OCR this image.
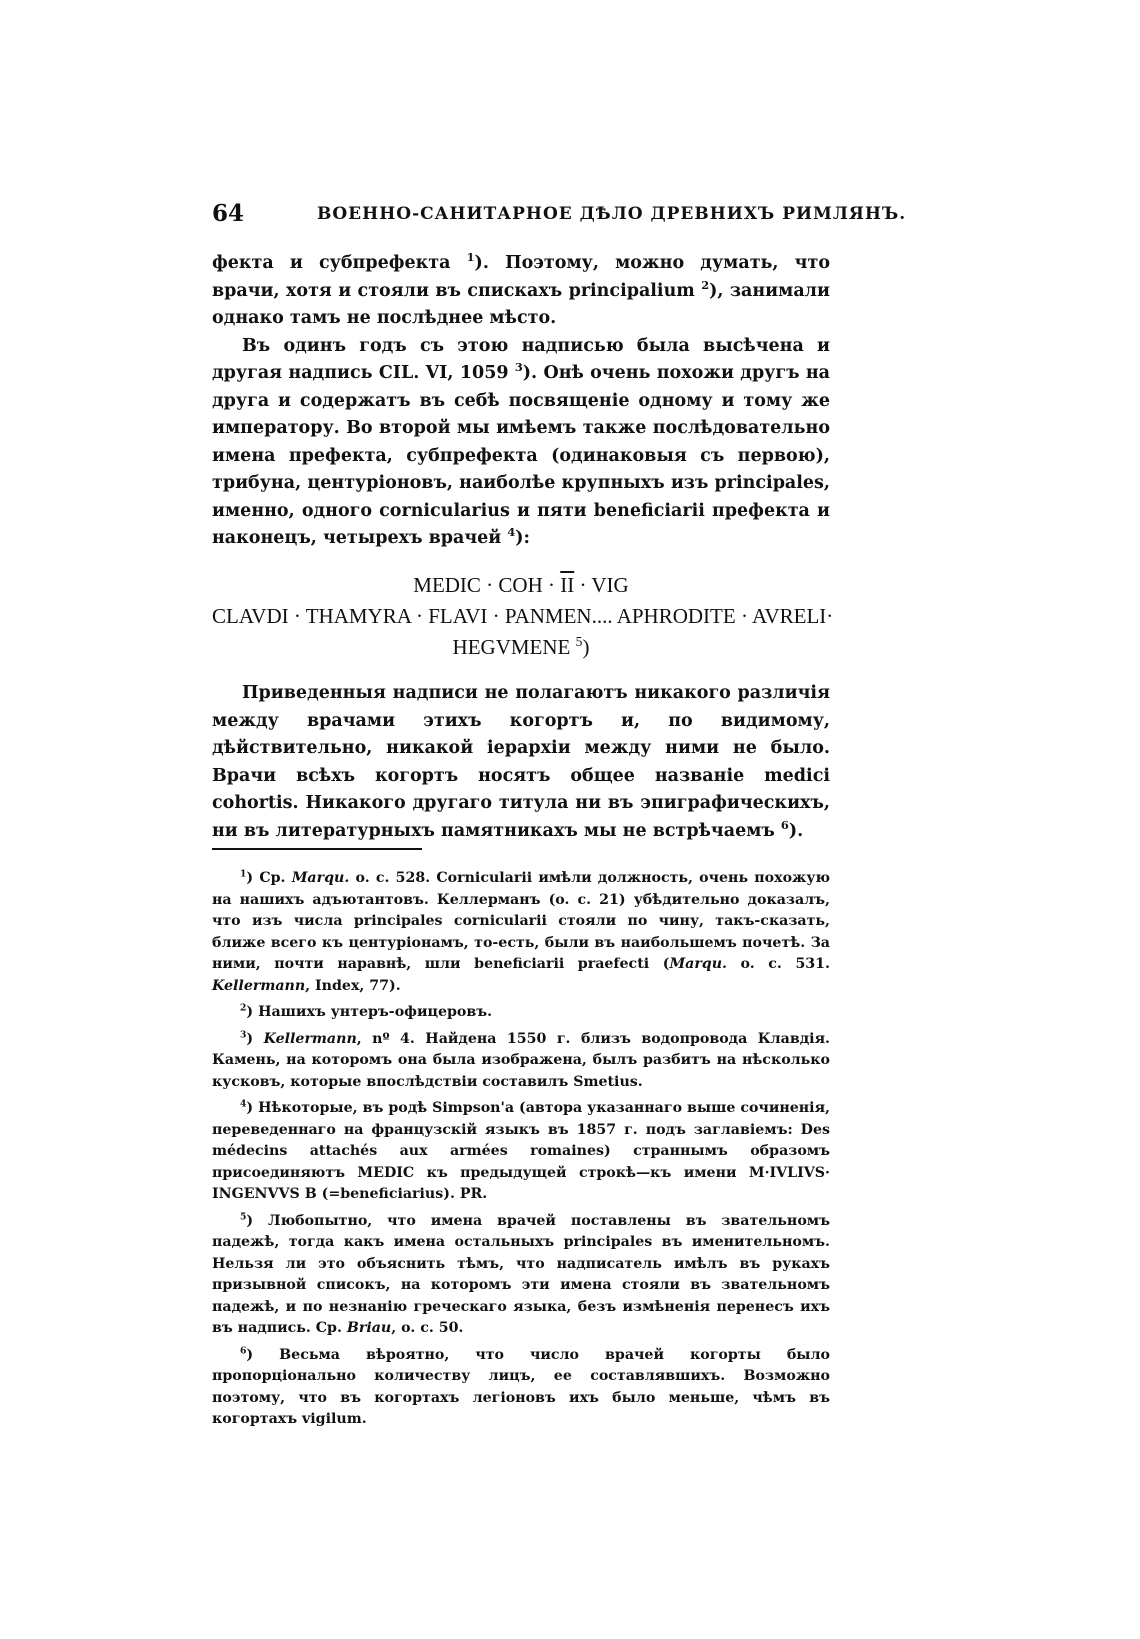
64	ВОЕННО-САНИТАРНОЕ ДѢЛО ДРЕВНИХЪ РИМЛЯНЪ.

фекта и субпрефекта $^1$). Поэтому, можно думать, что врачи, хотя и стояли въ спискахъ principalium $^2$), занимали однако тамъ не послѣднее мѣсто.

Въ одинъ годъ съ этою надписью была высѣчена и другая надпись CIL. VI, 1059 $^3$). Онѣ очень похожи другъ на друга и содержатъ въ себѣ посвященіе одному и тому же императору. Во второй мы имѣемъ также послѣдовательно имена префекта, субпрефекта (одинаковыя съ первою), трибуна, центуріоновъ, наиболѣе крупныхъ изъ principales, именно, одного cornicularius и пяти beneficiarii префекта и наконецъ, четырехъ врачей $^4$):

MEDIC · COH · $\overline{II}$ · VIG
CLAVDI · THAMYRA · FLAVI · PANMEN.... APHRODITE · AVRELI·
HEGVMENE $^5$)

Приведенныя надписи не полагаютъ никакого различія между врачами этихъ когортъ и, по видимому, дѣйствительно, никакой іерархіи между ними не было. Врачи всѣхъ когортъ носятъ общее названіе medici cohortis. Никакого другаго титула ни въ эпиграфическихъ, ни въ литературныхъ памятникахъ мы не встрѣчаемъ $^6$).

$^1$) Ср. Marqu. o. c. 528. Cornicularii имѣли должность, очень похожую на нашихъ адъютантовъ. Келлерманъ (o. c. 21) убѣдительно доказалъ, что изъ числа principales cornicularii стояли по чину, такъ-сказать, ближе всего къ центуріонамъ, то-есть, были въ наибольшемъ почетѣ. За ними, почти наравнѣ, шли beneficiarii praefecti (Marqu. o. c. 531. Kellermann, Index, 77).

$^2$) Нашихъ унтеръ-офицеровъ.

$^3$) Kellermann, nº 4. Найдена 1550 г. близъ водопровода Клавдія. Камень, на которомъ она была изображена, былъ разбитъ на нѣсколько кусковъ, которые впослѣдствіи составилъ Smetius.

$^4$) Нѣкоторые, въ родѣ Simpson'а (автора указаннаго выше сочиненія, переведеннаго на французскій языкъ въ 1857 г. подъ заглавіемъ: Des médecins attachés aux armées romaines) страннымъ образомъ присоединяютъ MEDIC къ предыдущей строкѣ—къ имени M·IVLIVS· INGENVVS B (=beneficiarius). PR.

$^5$) Любопытно, что имена врачей поставлены въ звательномъ падежѣ, тогда какъ имена остальныхъ principales въ именительномъ. Нельзя ли это объяснить тѣмъ, что надписатель имѣлъ въ рукахъ призывной списокъ, на которомъ эти имена стояли въ звательномъ падежѣ, и по незнанію греческаго языка, безъ измѣненія перенесъ ихъ въ надпись. Ср. Briau, o. c. 50.

$^6$) Весьма вѣроятно, что число врачей когорты было пропорціонально количеству лицъ, ее составлявшихъ. Возможно поэтому, что въ когортахъ легіоновъ ихъ было меньше, чѣмъ въ когортахъ vigilum.
